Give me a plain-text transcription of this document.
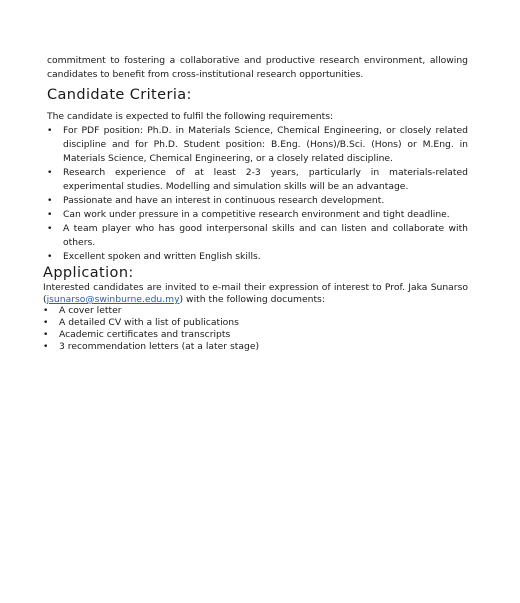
commitment to fostering a collaborative and productive research environment, allowing candidates to benefit from cross-institutional research opportunities.

Candidate Criteria:

The candidate is expected to fulfil the following requirements:

•	For PDF position: Ph.D. in Materials Science, Chemical Engineering, or closely related discipline and for Ph.D. Student position: B.Eng. (Hons)/B.Sci. (Hons) or M.Eng. in Materials Science, Chemical Engineering, or a closely related discipline.
•	Research experience of at least 2-3 years, particularly in materials-related experimental studies. Modelling and simulation skills will be an advantage.
•	Passionate and have an interest in continuous research development.
•	Can work under pressure in a competitive research environment and tight deadline.
•	A team player who has good interpersonal skills and can listen and collaborate with others.
•	Excellent spoken and written English skills.
Application:

Interested candidates are invited to e-mail their expression of interest to Prof. Jaka Sunarso (jsunarso@swinburne.edu.my) with the following documents:

•	A cover letter
•	A detailed CV with a list of publications
•	Academic certificates and transcripts
•	3 recommendation letters (at a later stage)
